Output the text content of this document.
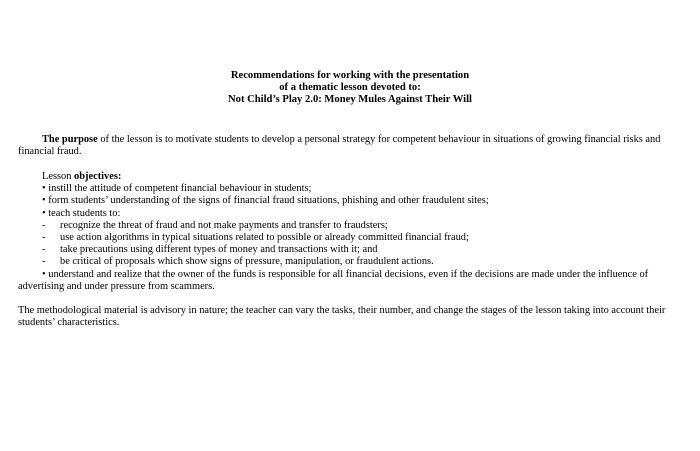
Recommendations for working with the presentation
of a thematic lesson devoted to:
Not Child’s Play 2.0: Money Mules Against Their Will

The purpose of the lesson is to motivate students to develop a personal strategy for competent behaviour in situations of growing financial risks and financial fraud.

Lesson objectives:
• instill the attitude of competent financial behaviour in students;
• form students’ understanding of the signs of financial fraud situations, phishing and other fraudulent sites;
• teach students to:
- recognize the threat of fraud and not make payments and transfer to fraudsters;
- use action algorithms in typical situations related to possible or already committed financial fraud;
- take precautions using different types of money and transactions with it; and
- be critical of proposals which show signs of pressure, manipulation, or fraudulent actions.
• understand and realize that the owner of the funds is responsible for all financial decisions, even if the decisions are made under the influence of advertising and under pressure from scammers.

The methodological material is advisory in nature; the teacher can vary the tasks, their number, and change the stages of the lesson taking into account their students’ characteristics.
